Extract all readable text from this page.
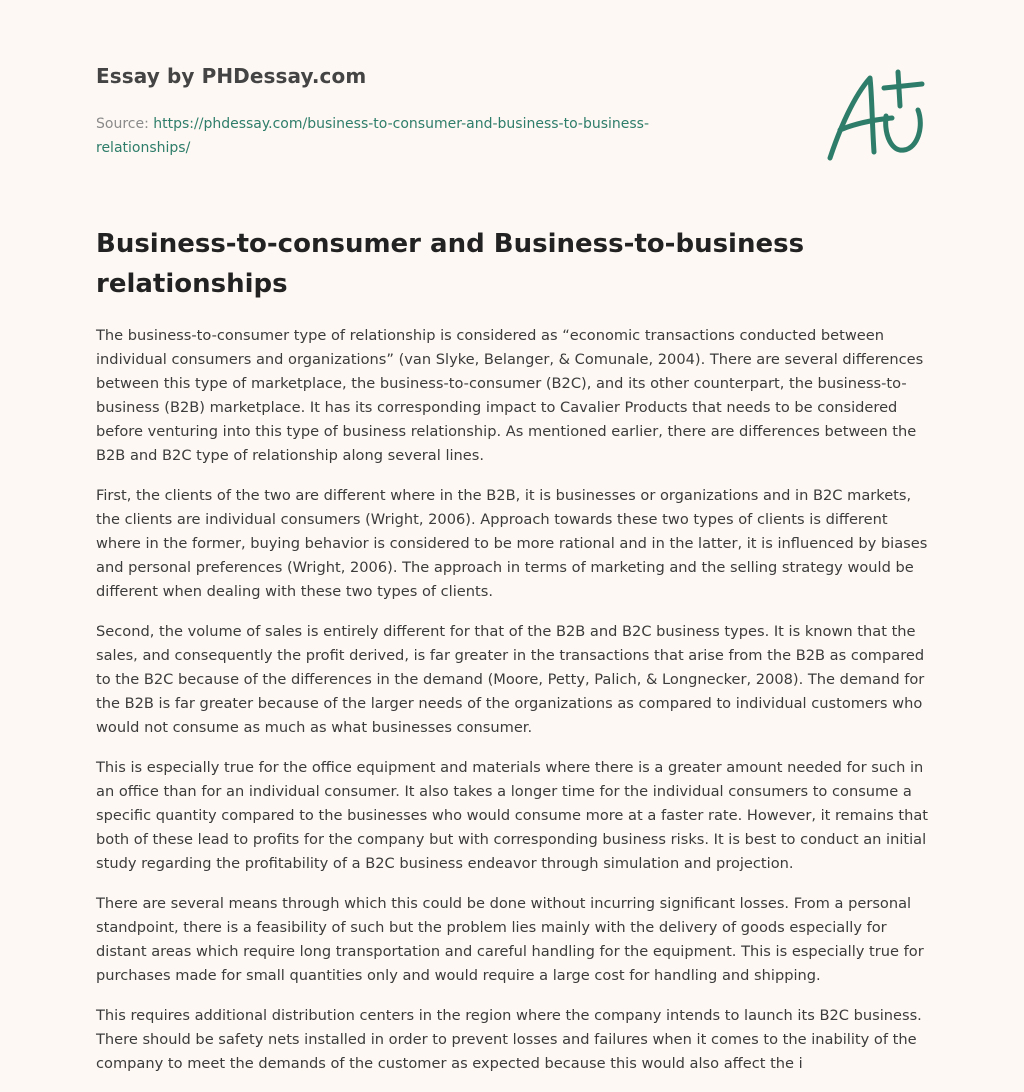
Essay by PHDessay.com
Source: https://phdessay.com/business-to-consumer-and-business-to-business-relationships/
Business-to-consumer and Business-to-business relationships

The business-to-consumer type of relationship is considered as “economic transactions conducted between individual consumers and organizations” (van Slyke, Belanger, & Comunale, 2004). There are several differences between this type of marketplace, the business-to-consumer (B2C), and its other counterpart, the business-to-business (B2B) marketplace. It has its corresponding impact to Cavalier Products that needs to be considered before venturing into this type of business relationship. As mentioned earlier, there are differences between the B2B and B2C type of relationship along several lines.

First, the clients of the two are different where in the B2B, it is businesses or organizations and in B2C markets, the clients are individual consumers (Wright, 2006). Approach towards these two types of clients is different where in the former, buying behavior is considered to be more rational and in the latter, it is influenced by biases and personal preferences (Wright, 2006). The approach in terms of marketing and the selling strategy would be different when dealing with these two types of clients.

Second, the volume of sales is entirely different for that of the B2B and B2C business types. It is known that the sales, and consequently the profit derived, is far greater in the transactions that arise from the B2B as compared to the B2C because of the differences in the demand (Moore, Petty, Palich, & Longnecker, 2008). The demand for the B2B is far greater because of the larger needs of the organizations as compared to individual customers who would not consume as much as what businesses consumer.

This is especially true for the office equipment and materials where there is a greater amount needed for such in an office than for an individual consumer. It also takes a longer time for the individual consumers to consume a specific quantity compared to the businesses who would consume more at a faster rate. However, it remains that both of these lead to profits for the company but with corresponding business risks. It is best to conduct an initial study regarding the profitability of a B2C business endeavor through simulation and projection.

There are several means through which this could be done without incurring significant losses. From a personal standpoint, there is a feasibility of such but the problem lies mainly with the delivery of goods especially for distant areas which require long transportation and careful handling for the equipment. This is especially true for purchases made for small quantities only and would require a large cost for handling and shipping.

This requires additional distribution centers in the region where the company intends to launch its B2C business. There should be safety nets installed in order to prevent losses and failures when it comes to the inability of the company to meet the demands of the customer as expected because this would also affect the i
